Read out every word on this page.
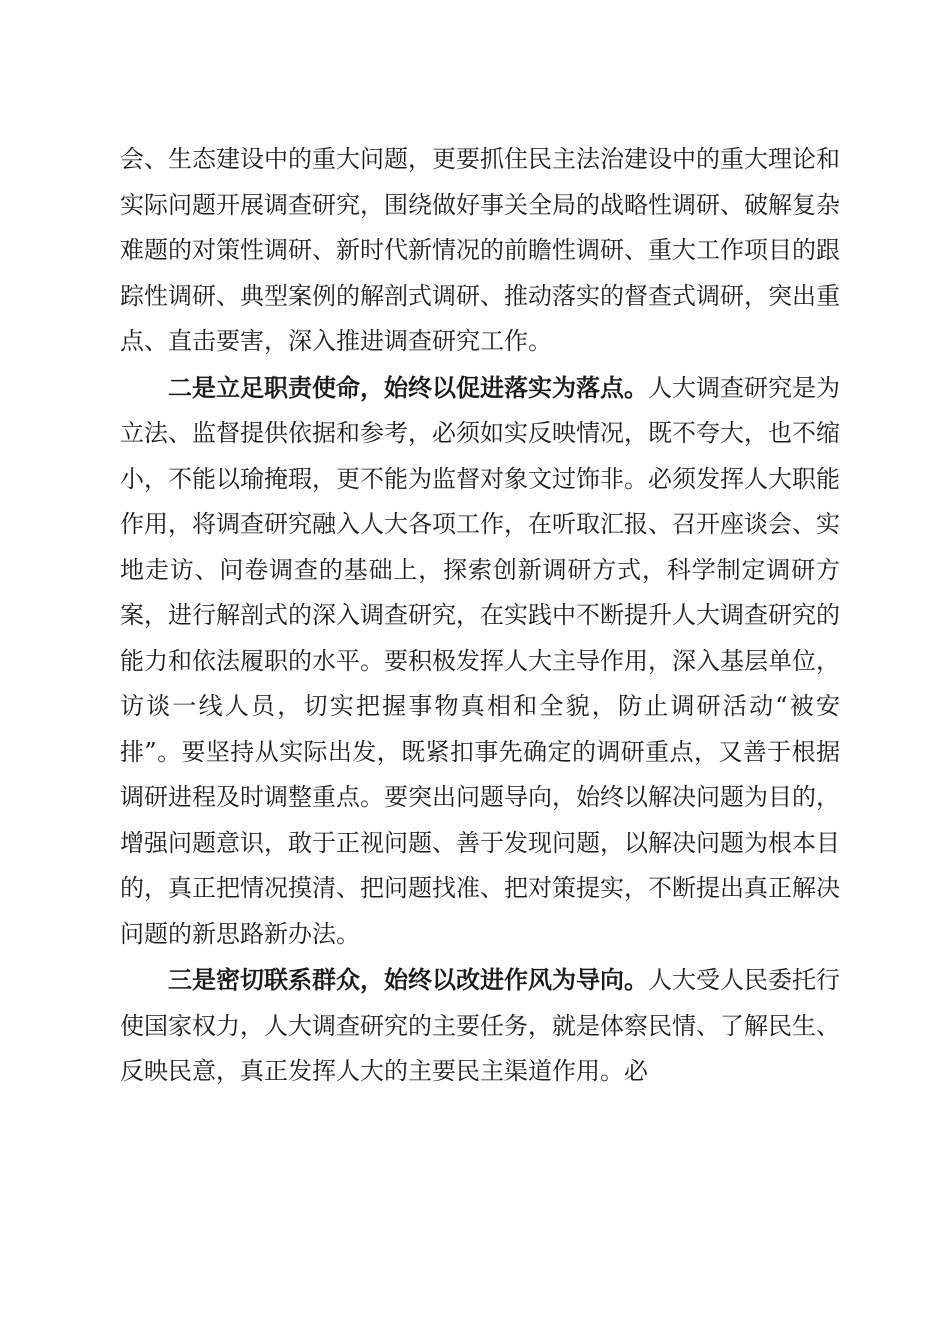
会、生态建设中的重大问题，更要抓住民主法治建设中的重大理论和实际问题开展调查研究，围绕做好事关全局的战略性调研、破解复杂难题的对策性调研、新时代新情况的前瞻性调研、重大工作项目的跟踪性调研、典型案例的解剖式调研、推动落实的督查式调研，突出重点、直击要害，深入推进调查研究工作。

二是立足职责使命，始终以促进落实为落点。人大调查研究是为立法、监督提供依据和参考，必须如实反映情况，既不夸大，也不缩小，不能以瑜掩瑕，更不能为监督对象文过饰非。必须发挥人大职能作用，将调查研究融入人大各项工作，在听取汇报、召开座谈会、实地走访、问卷调查的基础上，探索创新调研方式，科学制定调研方案，进行解剖式的深入调查研究，在实践中不断提升人大调查研究的能力和依法履职的水平。要积极发挥人大主导作用，深入基层单位，访谈一线人员，切实把握事物真相和全貌，防止调研活动“被安排”。要坚持从实际出发，既紧扣事先确定的调研重点，又善于根据调研进程及时调整重点。要突出问题导向，始终以解决问题为目的，增强问题意识，敢于正视问题、善于发现问题，以解决问题为根本目的，真正把情况摸清、把问题找准、把对策提实，不断提出真正解决问题的新思路新办法。

三是密切联系群众，始终以改进作风为导向。人大受人民委托行使国家权力，人大调查研究的主要任务，就是体察民情、了解民生、反映民意，真正发挥人大的主要民主渠道作用。必
